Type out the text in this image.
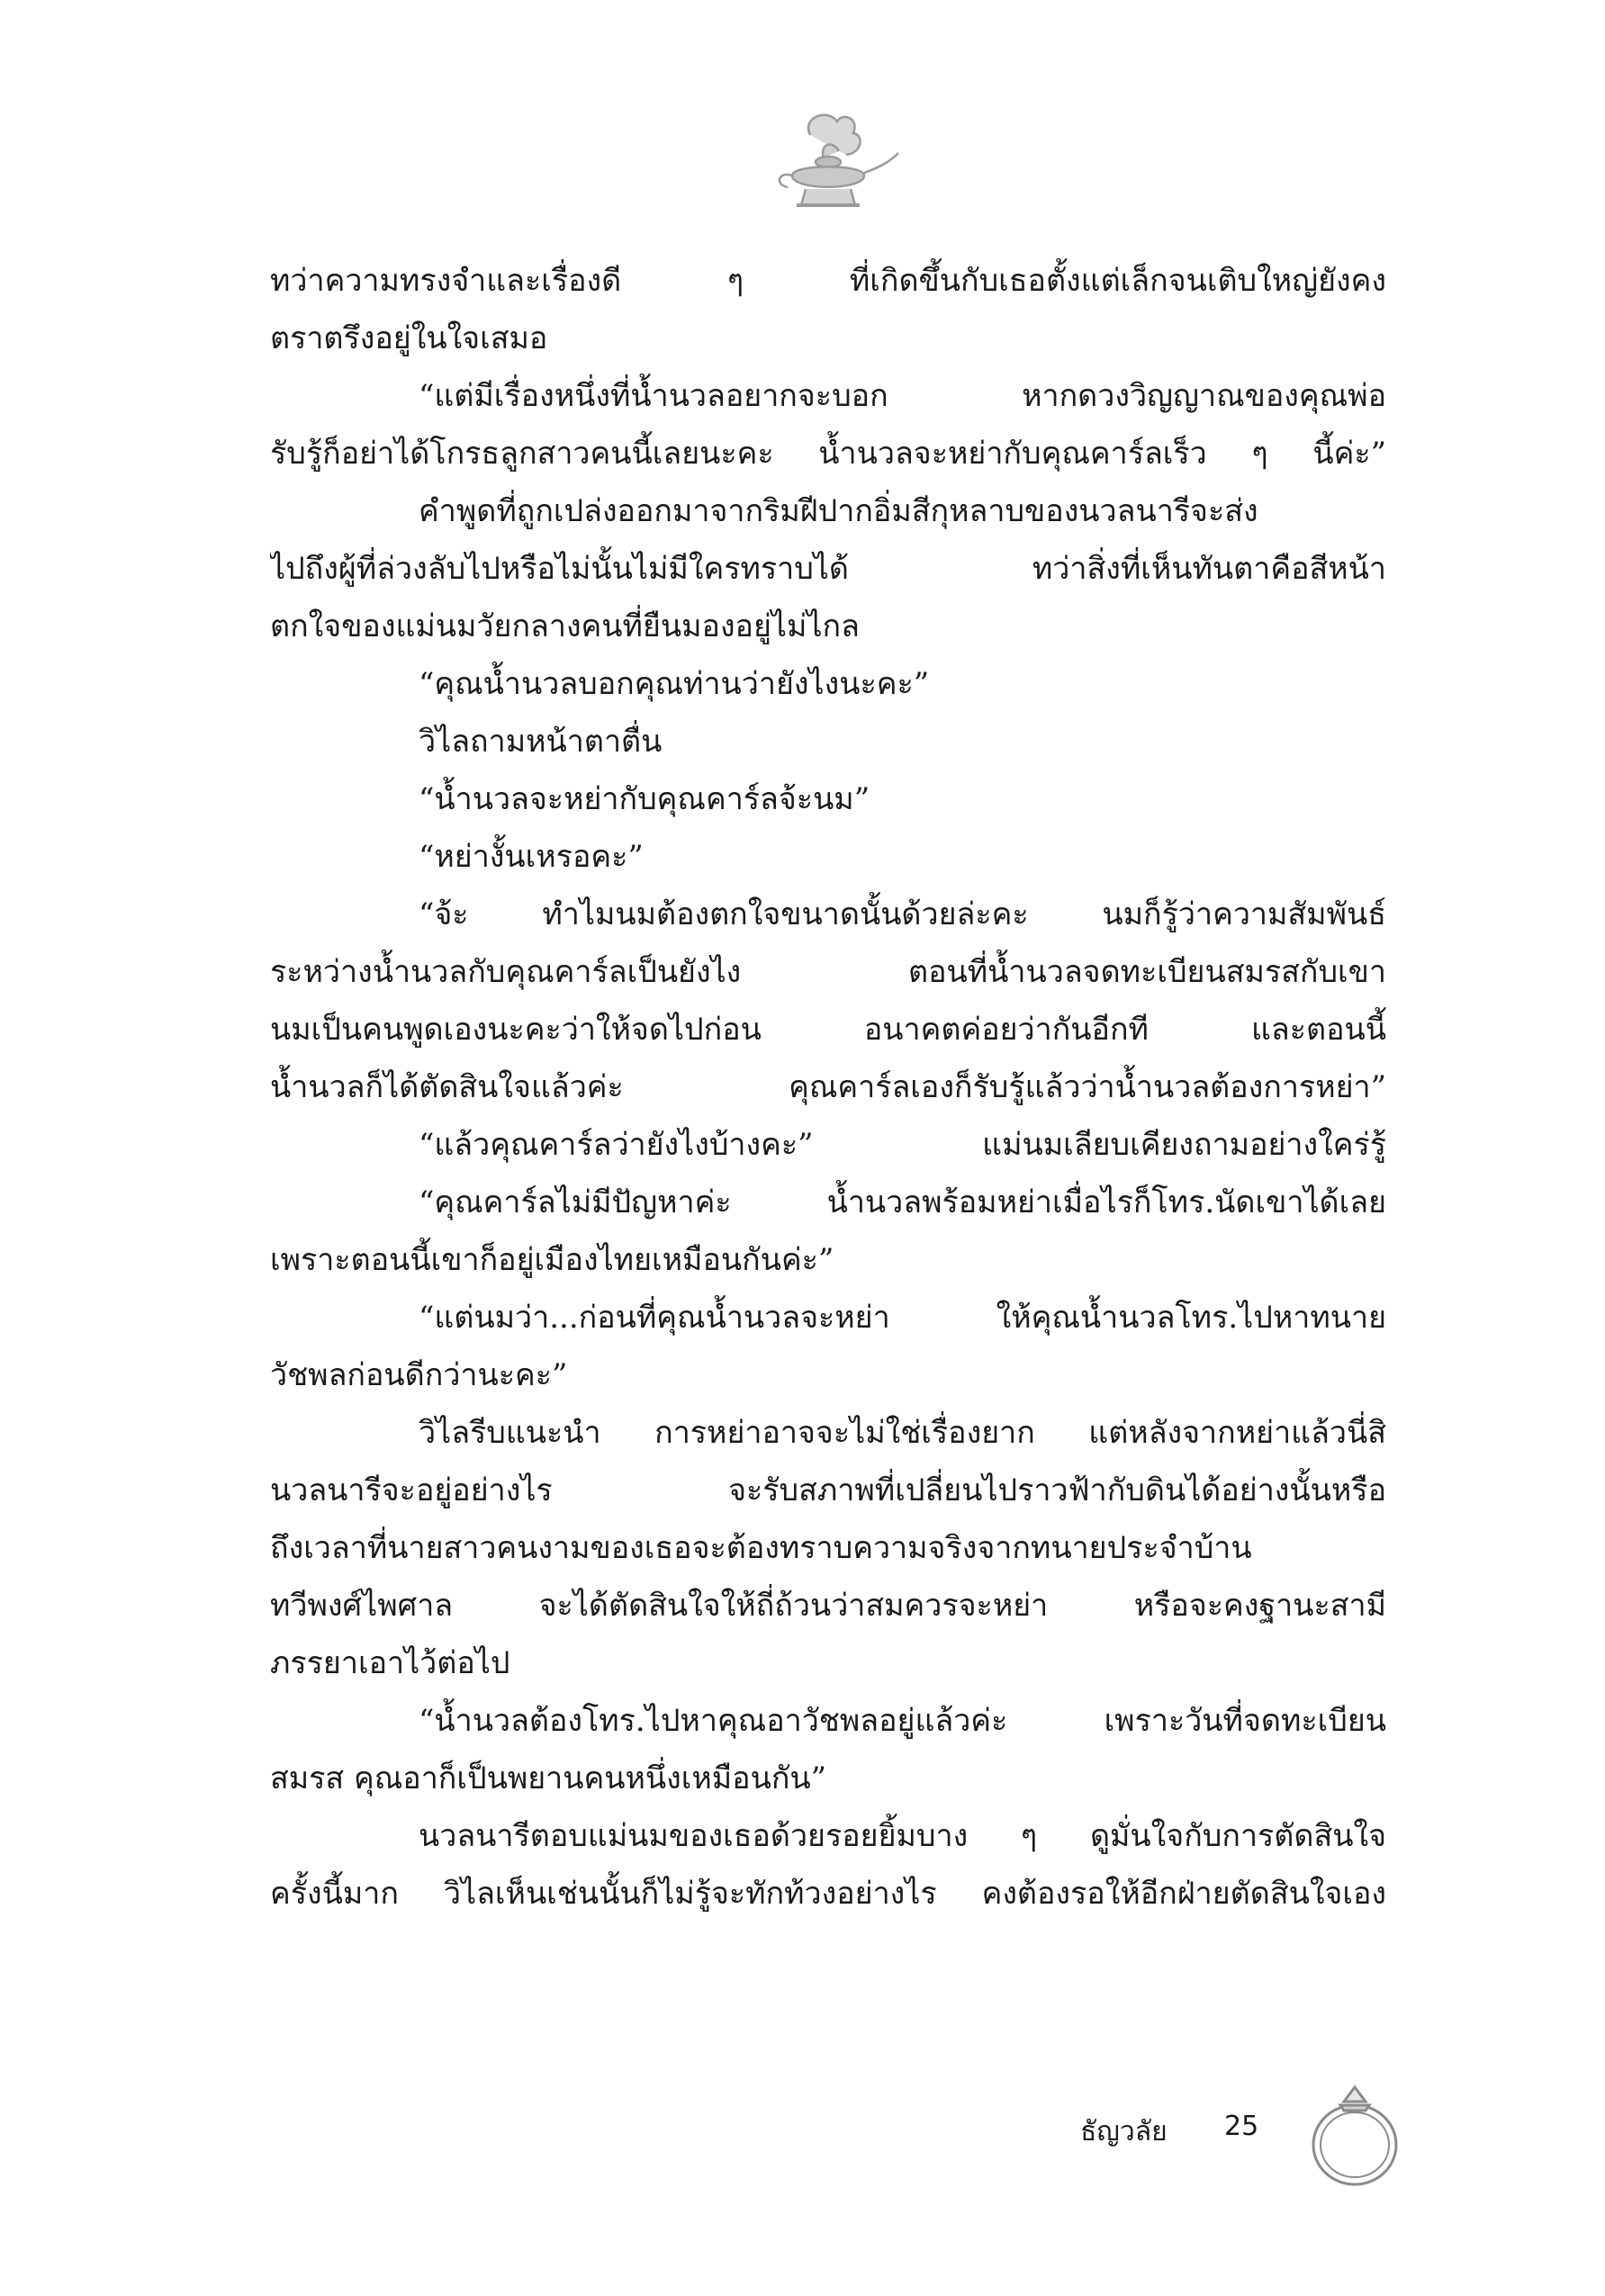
ทว่าความทรงจำและเรื่องดี ๆ ที่เกิดขึ้นกับเธอตั้งแต่เล็กจนเติบใหญ่ยังคง
ตราตรึงอยู่ในใจเสมอ
“แต่มีเรื่องหนึ่งที่น้ำนวลอยากจะบอก หากดวงวิญญาณของคุณพ่อ
รับรู้ก็อย่าได้โกรธลูกสาวคนนี้เลยนะคะ น้ำนวลจะหย่ากับคุณคาร์ลเร็ว ๆ นี้ค่ะ”
คำพูดที่ถูกเปล่งออกมาจากริมฝีปากอิ่มสีกุหลาบของนวลนารีจะส่ง
ไปถึงผู้ที่ล่วงลับไปหรือไม่นั้นไม่มีใครทราบได้ ทว่าสิ่งที่เห็นทันตาคือสีหน้า
ตกใจของแม่นมวัยกลางคนที่ยืนมองอยู่ไม่ไกล
“คุณน้ำนวลบอกคุณท่านว่ายังไงนะคะ”
วิไลถามหน้าตาตื่น
“น้ำนวลจะหย่ากับคุณคาร์ลจ้ะนม”
“หย่างั้นเหรอคะ”
“จ้ะ ทำไมนมต้องตกใจขนาดนั้นด้วยล่ะคะ นมก็รู้ว่าความสัมพันธ์
ระหว่างน้ำนวลกับคุณคาร์ลเป็นยังไง ตอนที่น้ำนวลจดทะเบียนสมรสกับเขา
นมเป็นคนพูดเองนะคะว่าให้จดไปก่อน อนาคตค่อยว่ากันอีกที และตอนนี้
น้ำนวลก็ได้ตัดสินใจแล้วค่ะ คุณคาร์ลเองก็รับรู้แล้วว่าน้ำนวลต้องการหย่า”
“แล้วคุณคาร์ลว่ายังไงบ้างคะ” แม่นมเลียบเคียงถามอย่างใคร่รู้
“คุณคาร์ลไม่มีปัญหาค่ะ น้ำนวลพร้อมหย่าเมื่อไรก็โทร.นัดเขาได้เลย
เพราะตอนนี้เขาก็อยู่เมืองไทยเหมือนกันค่ะ”
“แต่นมว่า...ก่อนที่คุณน้ำนวลจะหย่า ให้คุณน้ำนวลโทร.ไปหาทนาย
วัชพลก่อนดีกว่านะคะ”
วิไลรีบแนะนำ การหย่าอาจจะไม่ใช่เรื่องยาก แต่หลังจากหย่าแล้วนี่สิ
นวลนารีจะอยู่อย่างไร จะรับสภาพที่เปลี่ยนไปราวฟ้ากับดินได้อย่างนั้นหรือ
ถึงเวลาที่นายสาวคนงามของเธอจะต้องทราบความจริงจากทนายประจำบ้าน
ทวีพงศ์ไพศาล จะได้ตัดสินใจให้ถี่ถ้วนว่าสมควรจะหย่า หรือจะคงฐานะสามี
ภรรยาเอาไว้ต่อไป
“น้ำนวลต้องโทร.ไปหาคุณอาวัชพลอยู่แล้วค่ะ เพราะวันที่จดทะเบียน
สมรส คุณอาก็เป็นพยานคนหนึ่งเหมือนกัน”
นวลนารีตอบแม่นมของเธอด้วยรอยยิ้มบาง ๆ ดูมั่นใจกับการตัดสินใจ
ครั้งนี้มาก วิไลเห็นเช่นนั้นก็ไม่รู้จะทักท้วงอย่างไร คงต้องรอให้อีกฝ่ายตัดสินใจเอง
ธัญวลัย 25
